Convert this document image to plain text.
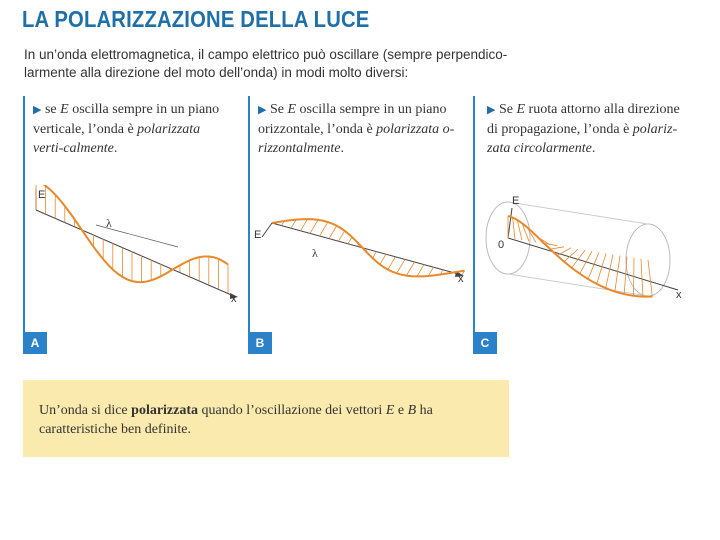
LA POLARIZZAZIONE DELLA LUCE
In un’onda elettromagnetica, il campo elettrico può oscillare (sempre perpendico-
larmente alla direzione del moto dell’onda) in modi molto diversi:
▶ se E oscilla sempre in un piano verticale, l’onda è polarizzata verti-calmente.
E
λ
x
A
▶ Se E oscilla sempre in un piano orizzontale, l’onda è polarizzata o-rizzontalmente.
E
λ
x
B
▶ Se E ruota attorno alla direzione di propagazione, l’onda è polariz-zata circolarmente.
E
0
x
C

Un’onda si dice polarizzata quando l’oscillazione dei vettori E e B ha caratteristiche ben definite.
